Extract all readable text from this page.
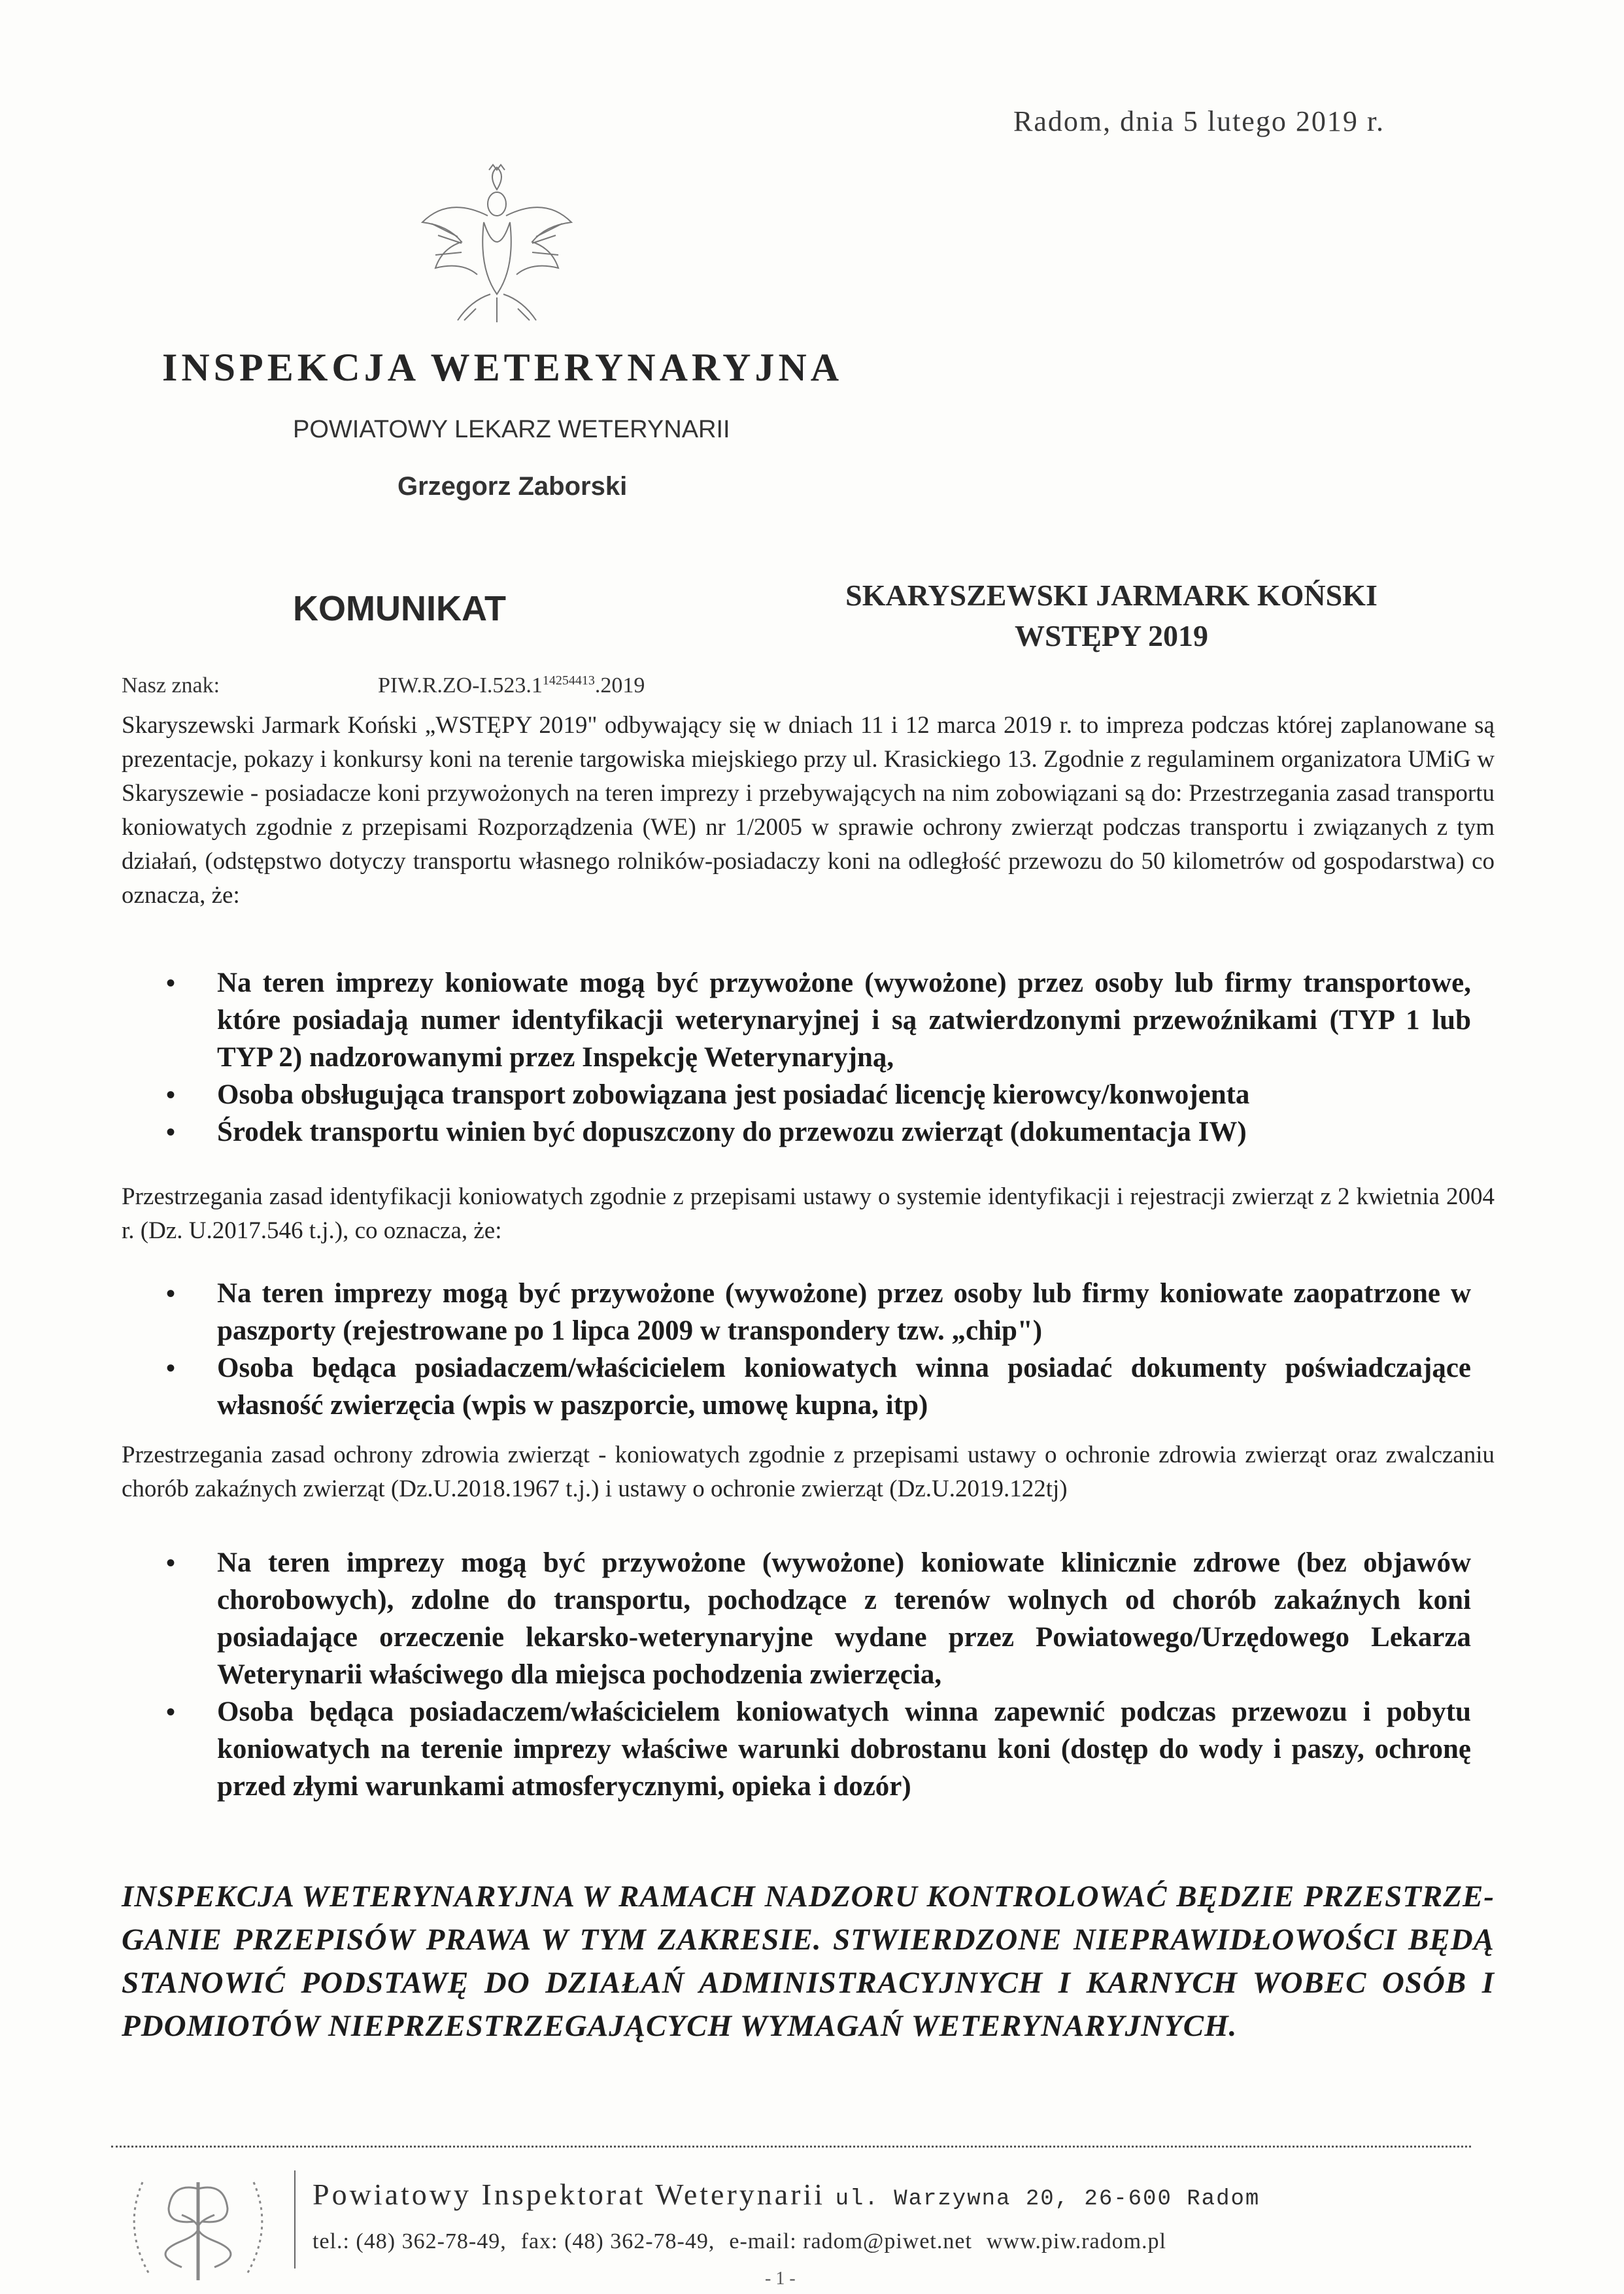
Radom, dnia 5 lutego 2019 r.
INSPEKCJA WETERYNARYJNA
POWIATOWY LEKARZ WETERYNARII
Grzegorz Zaborski
KOMUNIKAT	SKARYSZEWSKI JARMARK KOŃSKI
WSTĘPY 2019
Nasz znak:	$PIW.R.ZO-I.523.1^{14254413}.2019$
Skaryszewski Jarmark Koński „WSTĘPY 2019" odbywający się w dniach 11 i 12 marca 2019 r. to impreza podczas której zaplanowane są prezentacje, pokazy i konkursy koni na terenie targowiska miejskiego przy ul. Krasickiego 13. Zgodnie z regulaminem organizatora UMiG w Skaryszewie - posiadacze koni przywożonych na teren imprezy i przebywających na nim zobowiązani są do: Przestrzegania zasad transportu koniowatych zgodnie z przepisami Rozporządzenia (WE) nr 1/2005 w sprawie ochrony zwierząt podczas transportu i związanych z tym działań, (odstępstwo dotyczy transportu własnego rolników-posiadaczy koni na odległość przewozu do 50 kilometrów od gospodarstwa) co oznacza, że:
• Na teren imprezy koniowate mogą być przywożone (wywożone) przez osoby lub firmy transportowe, które posiadają numer identyfikacji weterynaryjnej i są zatwierdzonymi przewoźnikami (TYP 1 lub TYP 2) nadzorowanymi przez Inspekcję Weterynaryjną,
• Osoba obsługująca transport zobowiązana jest posiadać licencję kierowcy/konwojenta
• Środek transportu winien być dopuszczony do przewozu zwierząt (dokumentacja IW)
Przestrzegania zasad identyfikacji koniowatych zgodnie z przepisami ustawy o systemie identyfikacji i rejestracji zwierząt z 2 kwietnia 2004 r. (Dz. U.2017.546 t.j.), co oznacza, że:
• Na teren imprezy mogą być przywożone (wywożone) przez osoby lub firmy koniowate zaopatrzone w paszporty (rejestrowane po 1 lipca 2009 w transpondery tzw. „chip")
• Osoba będąca posiadaczem/właścicielem koniowatych winna posiadać dokumenty poświadczające własność zwierzęcia (wpis w paszporcie, umowę kupna, itp)
Przestrzegania zasad ochrony zdrowia zwierząt - koniowatych zgodnie z przepisami ustawy o ochronie zdrowia zwierząt oraz zwalczaniu chorób zakaźnych zwierząt (Dz.U.2018.1967 t.j.) i ustawy o ochronie zwierząt (Dz.U.2019.122tj)
• Na teren imprezy mogą być przywożone (wywożone) koniowate klinicznie zdrowe (bez objawów chorobowych), zdolne do transportu, pochodzące z terenów wolnych od chorób zakaźnych koni posiadające orzeczenie lekarsko-weterynaryjne wydane przez Powiatowego/Urzędowego Lekarza Weterynarii właściwego dla miejsca pochodzenia zwierzęcia,
• Osoba będąca posiadaczem/właścicielem koniowatych winna zapewnić podczas przewozu i pobytu koniowatych na terenie imprezy właściwe warunki dobrostanu koni (dostęp do wody i paszy, ochronę przed złymi warunkami atmosferycznymi, opieka i dozór)
INSPEKCJA WETERYNARYJNA W RAMACH NADZORU KONTROLOWAĆ BĘDZIE PRZESTRZE-GANIE PRZEPISÓW PRAWA W TYM ZAKRESIE. STWIERDZONE NIEPRAWIDŁOWOŚCI BĘDĄ STANOWIĆ PODSTAWĘ DO DZIAŁAŃ ADMINISTRACYJNYCH I KARNYCH WOBEC OSÓB I PDOMIOTÓW NIEPRZESTRZEGAJĄCYCH WYMAGAŃ WETERYNARYJNYCH.
Powiatowy Inspektorat Weterynarii ul. Warzywna 20, 26-600 Radom
tel.: (48) 362-78-49, fax: (48) 362-78-49, e-mail: radom@piwet.net www.piw.radom.pl
- 1 -
